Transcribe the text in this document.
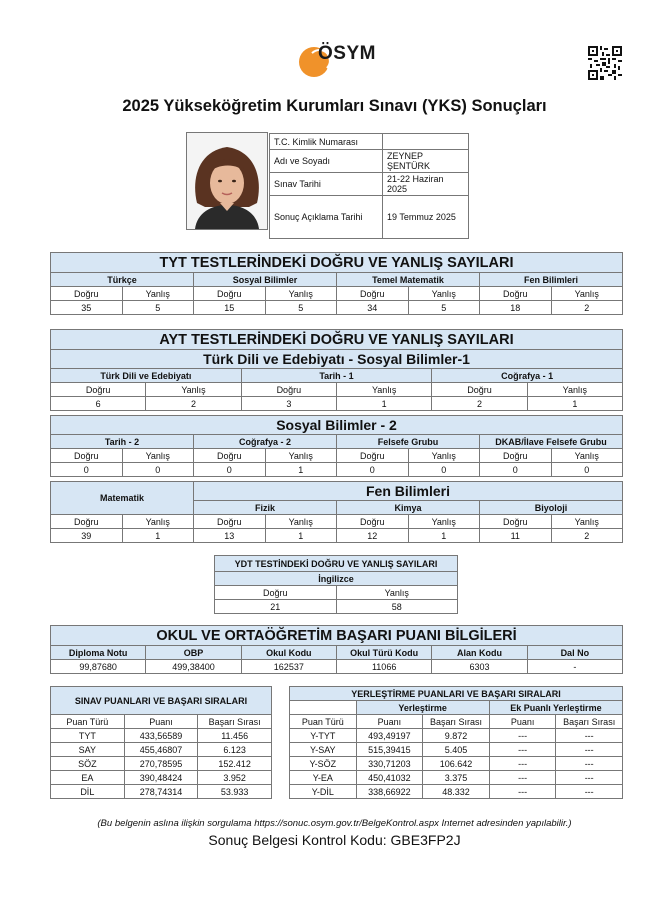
ÖSYM
2025 Yükseköğretim Kurumları Sınavı (YKS) Sonuçları
T.C. Kimlik Numarası	
Adı ve Soyadı	ZEYNEP ŞENTÜRK
Sınav Tarihi	21-22 Haziran 2025
Sonuç Açıklama Tarihi	19 Temmuz 2025
TYT TESTLERİNDEKİ DOĞRU VE YANLIŞ SAYILARI							
Türkçe		Sosyal Bilimler		Temel Matematik		Fen Bilimleri	
Doğru	Yanlış	Doğru	Yanlış	Doğru	Yanlış	Doğru	Yanlış
35	5	15	5	34	5	18	2
AYT TESTLERİNDEKİ DOĞRU VE YANLIŞ SAYILARI					
Türk Dili ve Edebiyatı - Sosyal Bilimler-1					
Türk Dili ve Edebiyatı		Tarih - 1		Coğrafya - 1	
Doğru	Yanlış	Doğru	Yanlış	Doğru	Yanlış
6	2	3	1	2	1
Sosyal Bilimler - 2							
Tarih - 2		Coğrafya - 2		Felsefe Grubu		DKAB/İlave Felsefe Grubu	
Doğru	Yanlış	Doğru	Yanlış	Doğru	Yanlış	Doğru	Yanlış
0	0	0	1	0	0	0	0
Matematik		Fen Bilimleri					
		Fizik		Kimya		Biyoloji	
Doğru	Yanlış	Doğru	Yanlış	Doğru	Yanlış	Doğru	Yanlış
39	1	13	1	12	1	11	2
YDT TESTİNDEKİ DOĞRU VE YANLIŞ SAYILARI	
İngilizce	
Doğru	Yanlış
21	58
OKUL VE ORTAÖĞRETİM BAŞARI PUANI BİLGİLERİ					
Diploma Notu	OBP	Okul Kodu	Okul Türü Kodu	Alan Kodu	Dal No
99,87680	499,38400	162537	11066	6303	-
SINAV PUANLARI VE BAŞARI SIRALARI		
Puan Türü	Puanı	Başarı Sırası
TYT	433,56589	11.456
SAY	455,46807	6.123
SÖZ	270,78595	152.412
EA	390,48424	3.952
DİL	278,74314	53.933
YERLEŞTİRME PUANLARI VE BAŞARI SIRALARI				
	Yerleştirme		Ek Puanlı Yerleştirme	
Puan Türü	Puanı	Başarı Sırası	Puanı	Başarı Sırası
Y-TYT	493,49197	9.872	---	---
Y-SAY	515,39415	5.405	---	---
Y-SÖZ	330,71203	106.642	---	---
Y-EA	450,41032	3.375	---	---
Y-DİL	338,66922	48.332	---	---
(Bu belgenin aslına ilişkin sorgulama https://sonuc.osym.gov.tr/BelgeKontrol.aspx Internet adresinden yapılabilir.)
Sonuç Belgesi Kontrol Kodu: GBE3FP2J
